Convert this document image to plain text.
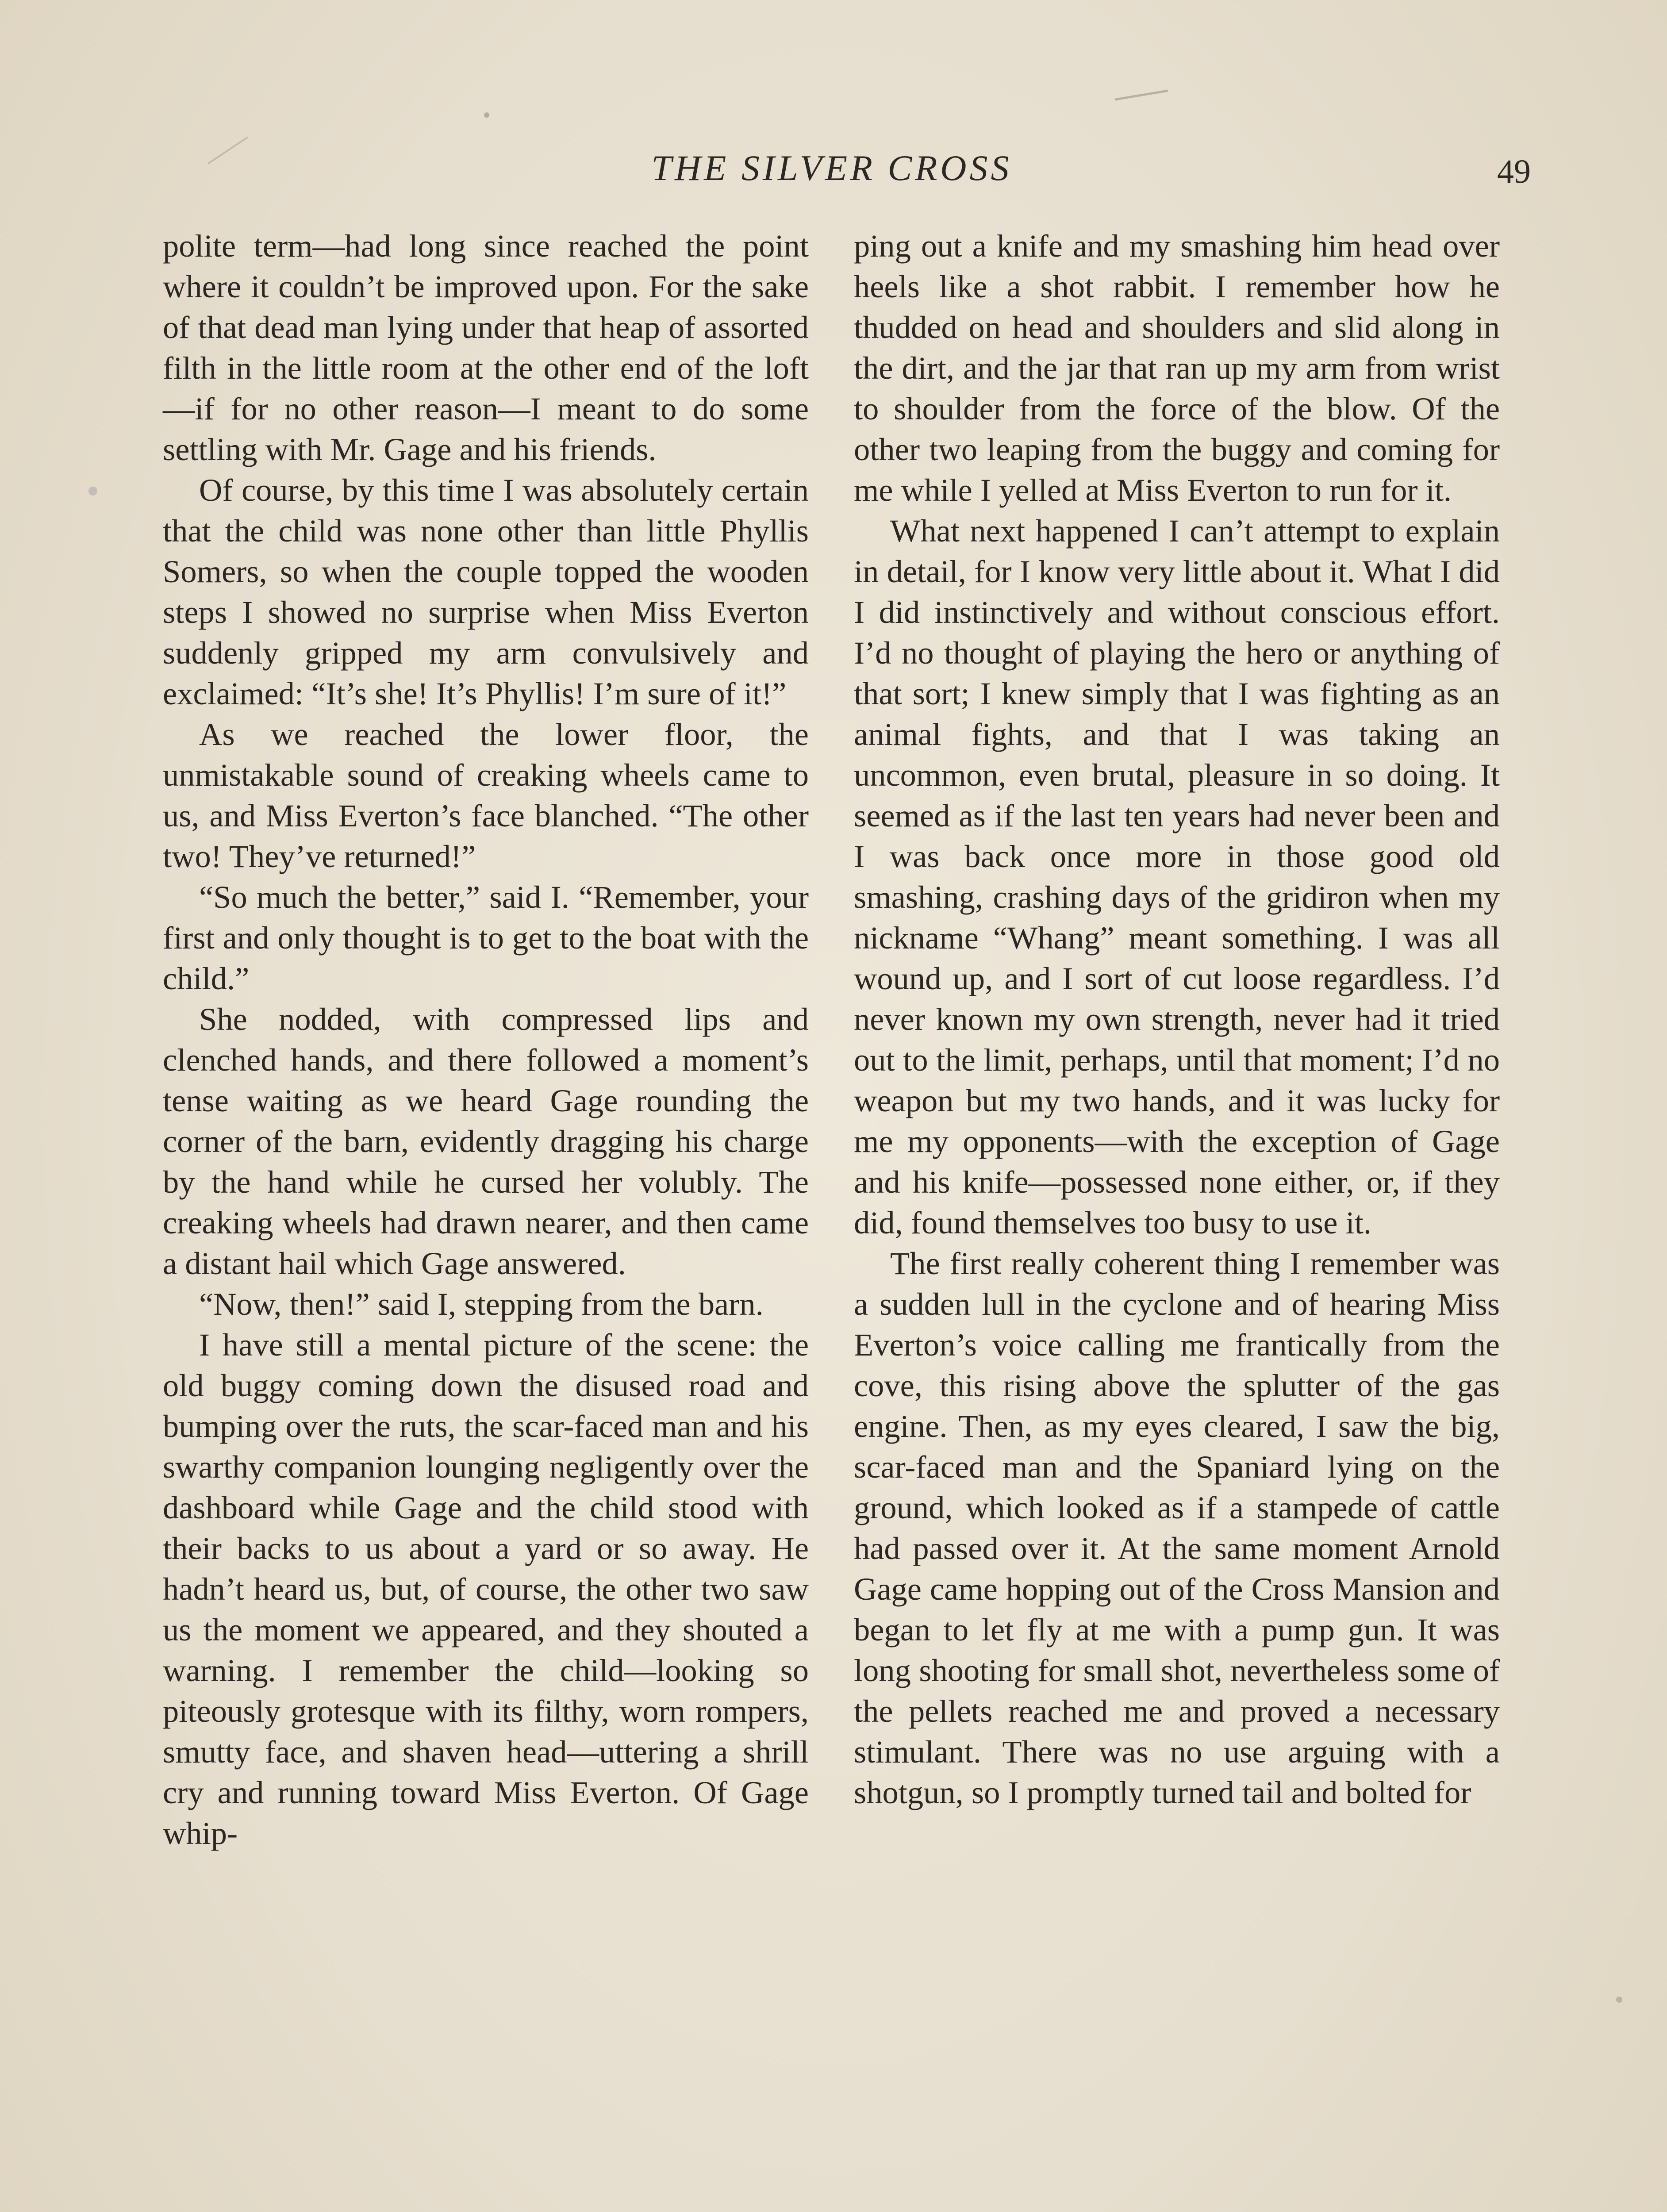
THE SILVER CROSS	49

polite term—had long since reached the point where it couldn’t be improved upon. For the sake of that dead man lying under that heap of assorted filth in the little room at the other end of the loft—if for no other reason—I meant to do some settling with Mr. Gage and his friends.

Of course, by this time I was absolutely certain that the child was none other than little Phyllis Somers, so when the couple topped the wooden steps I showed no surprise when Miss Everton suddenly gripped my arm convulsively and exclaimed: “It’s she! It’s Phyllis! I’m sure of it!”

As we reached the lower floor, the unmistakable sound of creaking wheels came to us, and Miss Everton’s face blanched. “The other two! They’ve returned!”

“So much the better,” said I. “Remember, your first and only thought is to get to the boat with the child.”

She nodded, with compressed lips and clenched hands, and there followed a moment’s tense waiting as we heard Gage rounding the corner of the barn, evidently dragging his charge by the hand while he cursed her volubly. The creaking wheels had drawn nearer, and then came a distant hail which Gage answered.

“Now, then!” said I, stepping from the barn.

I have still a mental picture of the scene: the old buggy coming down the disused road and bumping over the ruts, the scar-faced man and his swarthy companion lounging negligently over the dashboard while Gage and the child stood with their backs to us about a yard or so away. He hadn’t heard us, but, of course, the other two saw us the moment we appeared, and they shouted a warning. I remember the child—looking so piteously grotesque with its filthy, worn rompers, smutty face, and shaven head—uttering a shrill cry and running toward Miss Everton. Of Gage whip-

ping out a knife and my smashing him head over heels like a shot rabbit. I remember how he thudded on head and shoulders and slid along in the dirt, and the jar that ran up my arm from wrist to shoulder from the force of the blow. Of the other two leaping from the buggy and coming for me while I yelled at Miss Everton to run for it.

What next happened I can’t attempt to explain in detail, for I know very little about it. What I did I did instinctively and without conscious effort. I’d no thought of playing the hero or anything of that sort; I knew simply that I was fighting as an animal fights, and that I was taking an uncommon, even brutal, pleasure in so doing. It seemed as if the last ten years had never been and I was back once more in those good old smashing, crashing days of the gridiron when my nickname “Whang” meant something. I was all wound up, and I sort of cut loose regardless. I’d never known my own strength, never had it tried out to the limit, perhaps, until that moment; I’d no weapon but my two hands, and it was lucky for me my opponents—with the exception of Gage and his knife—possessed none either, or, if they did, found themselves too busy to use it.

The first really coherent thing I remember was a sudden lull in the cyclone and of hearing Miss Everton’s voice calling me frantically from the cove, this rising above the splutter of the gas engine. Then, as my eyes cleared, I saw the big, scar-faced man and the Spaniard lying on the ground, which looked as if a stampede of cattle had passed over it. At the same moment Arnold Gage came hopping out of the Cross Mansion and began to let fly at me with a pump gun. It was long shooting for small shot, nevertheless some of the pellets reached me and proved a necessary stimulant. There was no use arguing with a shotgun, so I promptly turned tail and bolted for
